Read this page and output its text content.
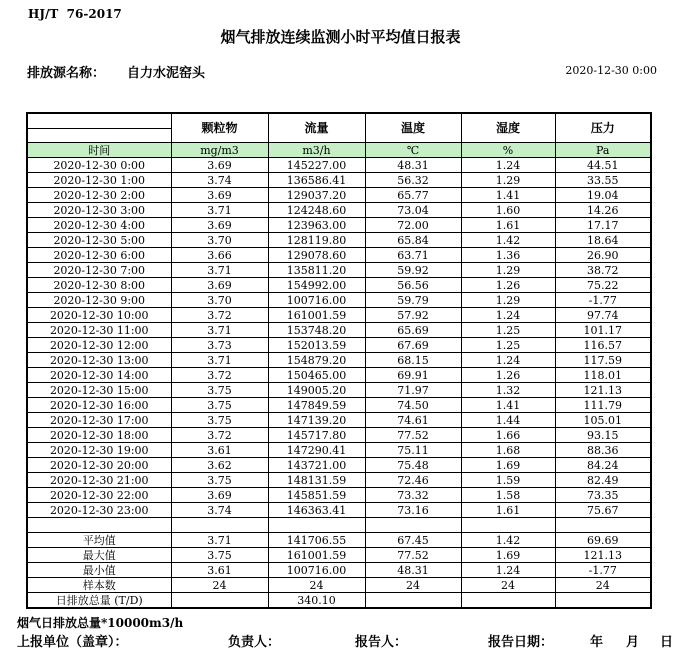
HJ/T  76-2017
烟气排放连续监测小时平均值日报表
排放源名称： 自力水泥窑头	2020-12-30 0:00
	颗粒物	流量	温度	湿度	压力
时间	mg/m3	m3/h	℃	%	Pa
2020-12-30 0:00	3.69	145227.00	48.31	1.24	44.51
2020-12-30 1:00	3.74	136586.41	56.32	1.29	33.55
2020-12-30 2:00	3.69	129037.20	65.77	1.41	19.04
2020-12-30 3:00	3.71	124248.60	73.04	1.60	14.26
2020-12-30 4:00	3.69	123963.00	72.00	1.61	17.17
2020-12-30 5:00	3.70	128119.80	65.84	1.42	18.64
2020-12-30 6:00	3.66	129078.60	63.71	1.36	26.90
2020-12-30 7:00	3.71	135811.20	59.92	1.29	38.72
2020-12-30 8:00	3.69	154992.00	56.56	1.26	75.22
2020-12-30 9:00	3.70	100716.00	59.79	1.29	-1.77
2020-12-30 10:00	3.72	161001.59	57.92	1.24	97.74
2020-12-30 11:00	3.71	153748.20	65.69	1.25	101.17
2020-12-30 12:00	3.73	152013.59	67.69	1.25	116.57
2020-12-30 13:00	3.71	154879.20	68.15	1.24	117.59
2020-12-30 14:00	3.72	150465.00	69.91	1.26	118.01
2020-12-30 15:00	3.75	149005.20	71.97	1.32	121.13
2020-12-30 16:00	3.75	147849.59	74.50	1.41	111.79
2020-12-30 17:00	3.75	147139.20	74.61	1.44	105.01
2020-12-30 18:00	3.72	145717.80	77.52	1.66	93.15
2020-12-30 19:00	3.61	147290.41	75.11	1.68	88.36
2020-12-30 20:00	3.62	143721.00	75.48	1.69	84.24
2020-12-30 21:00	3.75	148131.59	72.46	1.59	82.49
2020-12-30 22:00	3.69	145851.59	73.32	1.58	73.35
2020-12-30 23:00	3.74	146363.41	73.16	1.61	75.67

平均值	3.71	141706.55	67.45	1.42	69.69
最大值	3.75	161001.59	77.52	1.69	121.13
最小值	3.61	100716.00	48.31	1.24	-1.77
样本数	24	24	24	24	24
日排放总量 (T/D)		340.10			
烟气日排放总量*10000m3/h
上报单位（盖章）：	负责人：	报告人：	报告日期：	年 月 日
